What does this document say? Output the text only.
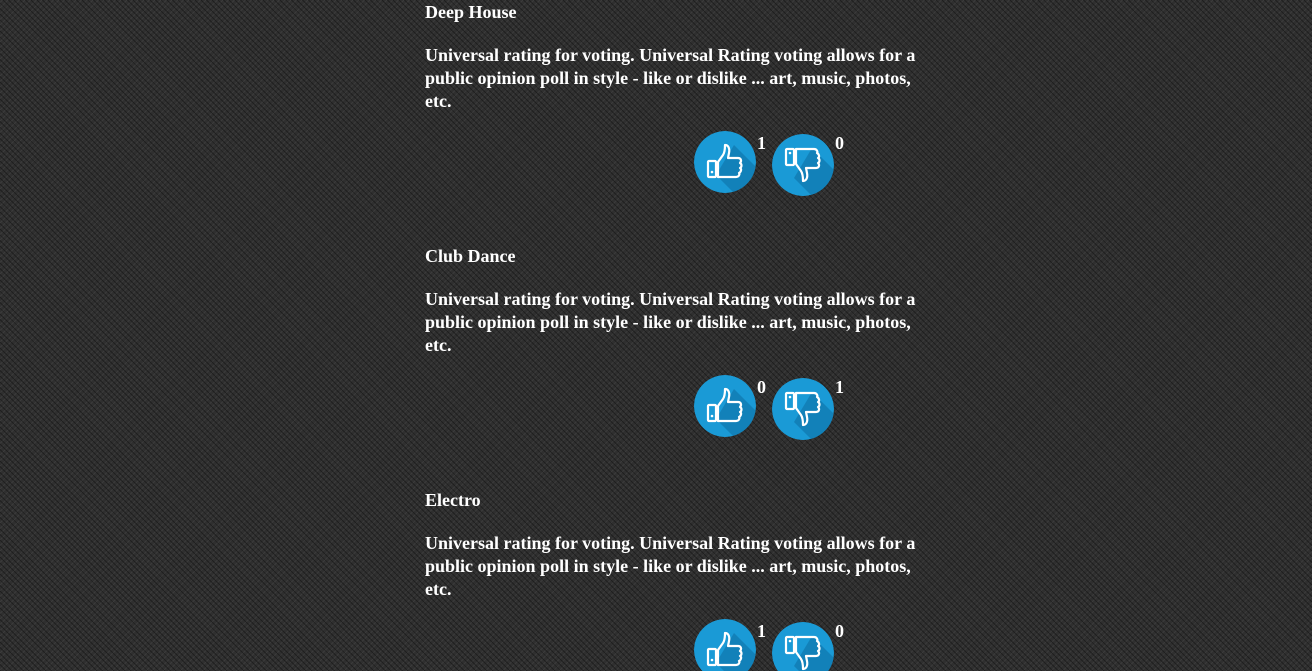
Deep House

Universal rating for voting. Universal Rating voting allows for a public opinion poll in style - like or dislike ... art, music, photos, etc.

1	0
Club Dance

Universal rating for voting. Universal Rating voting allows for a public opinion poll in style - like or dislike ... art, music, photos, etc.

0	1
Electro

Universal rating for voting. Universal Rating voting allows for a public opinion poll in style - like or dislike ... art, music, photos, etc.

1	0
